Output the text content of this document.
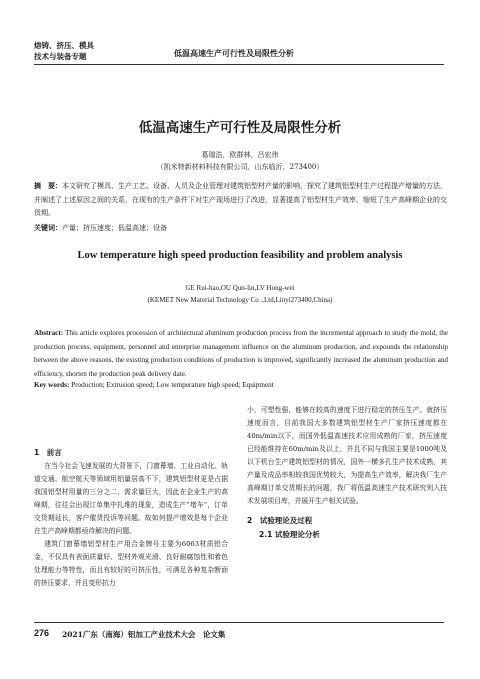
熔铸、挤压、模具
技术与装备专题	低温高速生产可行性及局限性分析
低温高速生产可行性及局限性分析
葛瑞浩，欧群林，吕宏伟
（凯米特新材料科技有限公司，山东临沂，273400）
摘　要：本文研究了模具、生产工艺、设备、人员及企业管理对建筑铝型材产量的影响，探究了建筑铝型材生产过程提产增量的方法，并阐述了上述原因之间的关系，在现有的生产条件下对生产现场进行了改进，显著提高了铝型材生产效率，缩短了生产高峰期企业的交货期。
关键词：产量；挤压速度；低温高速；设备
Low temperature high speed production feasibility and problem analysis
GE Rui-hao,OU Qun-lin,LV Hong-wei
(KEMET New Material Technology Co .,Ltd,Linyi273400,China)
Abstract: This article explores procession of architectural aluminum production process from the incremental approach to study the mold, the production process, equipment, personnel and enterprise management influence on the aluminum production, and expounds the relationship between the above reasons, the existing production conditions of production is improved, significantly increased the aluminum production and efficiency, shorten the production peak delivery date.
Key words: Production; Extrusion speed; Low temperature high speed; Equipment
1　前言

在当今社会飞速发展的大背景下，门窗幕墙、工业自动化、轨道交通、航空航天等领域用铝量居高不下，建筑铝型材更是占据我国铝型材用量的三分之二，需求量巨大，因此在企业生产的高峰期，往往会出现订单集中扎堆的现象，造成生产“堵车”，订单交货期延长，客户催货投诉等问题。故如何提产增效是每个企业在生产高峰期都亟待解决的问题。

建筑门窗幕墙铝型材生产用合金牌号主要为6063材质铝合金，不仅具有表面质量好、型材外观光滑、良好耐腐蚀性和着色处理能力等特性，而且有较好的可挤压性，可满足各种复杂断面的挤压要求，并且变形抗力

小，可塑性强，能够在较高的速度下进行稳定的挤压生产。就挤压速度而言，目前我国大多数建筑铝型材生产厂家挤压速度都在40m/min以下，而国外低温高速技术应用成熟的厂家，挤压速度已经能维持在60m/min及以上，并且不同与我国主要是1000吨及以下机台生产建筑铝型材的情况，国外一横多孔生产技术成熟，其产量及成品率相较我国优势较大，为提高生产效率，解决我厂生产高峰期订单交货期长的问题，我厂将低温高速生产技术研究列入技术发展项目库，并展开生产相关试验。

2　试验理论及过程
2.1 试验理论分析
276 2021广东（南海）铝加工产业技术大会　论文集
